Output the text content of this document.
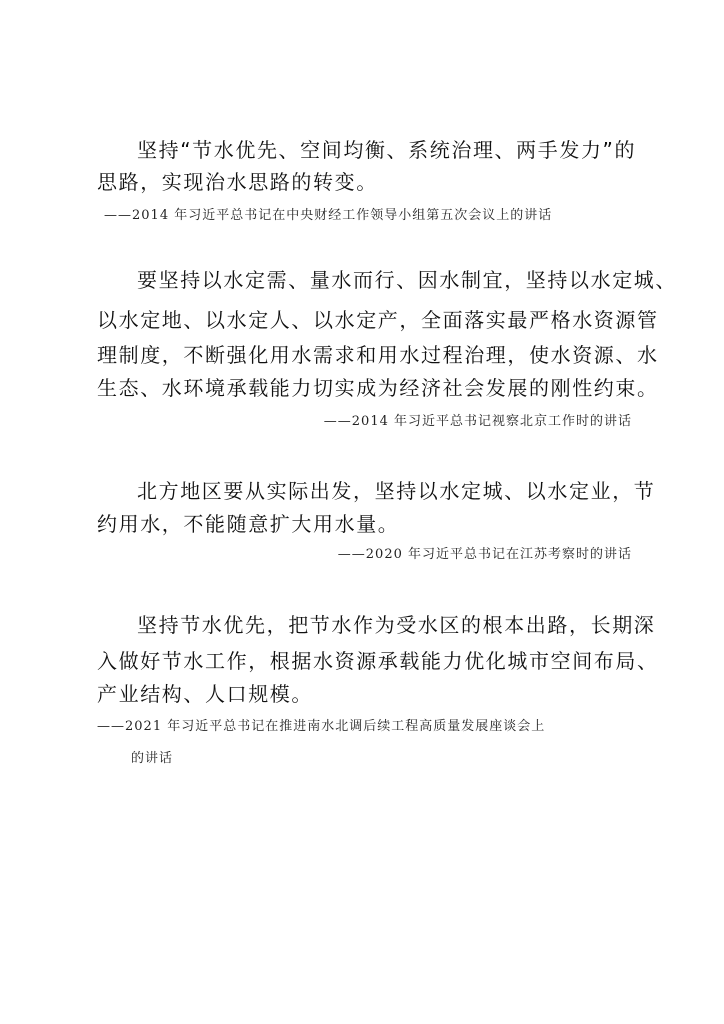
坚持“节水优先、空间均衡、系统治理、两手发力”的

思路，实现治水思路的转变。

——2014 年习近平总书记在中央财经工作领导小组第五次会议上的讲话

要坚持以水定需、量水而行、因水制宜，坚持以水定城、

以水定地、以水定人、以水定产，全面落实最严格水资源管

理制度，不断强化用水需求和用水过程治理，使水资源、水

生态、水环境承载能力切实成为经济社会发展的刚性约束。

——2014 年习近平总书记视察北京工作时的讲话

北方地区要从实际出发，坚持以水定城、以水定业，节

约用水，不能随意扩大用水量。

——2020 年习近平总书记在江苏考察时的讲话

坚持节水优先，把节水作为受水区的根本出路，长期深

入做好节水工作，根据水资源承载能力优化城市空间布局、

产业结构、人口规模。

——2021 年习近平总书记在推进南水北调后续工程高质量发展座谈会上

的讲话
